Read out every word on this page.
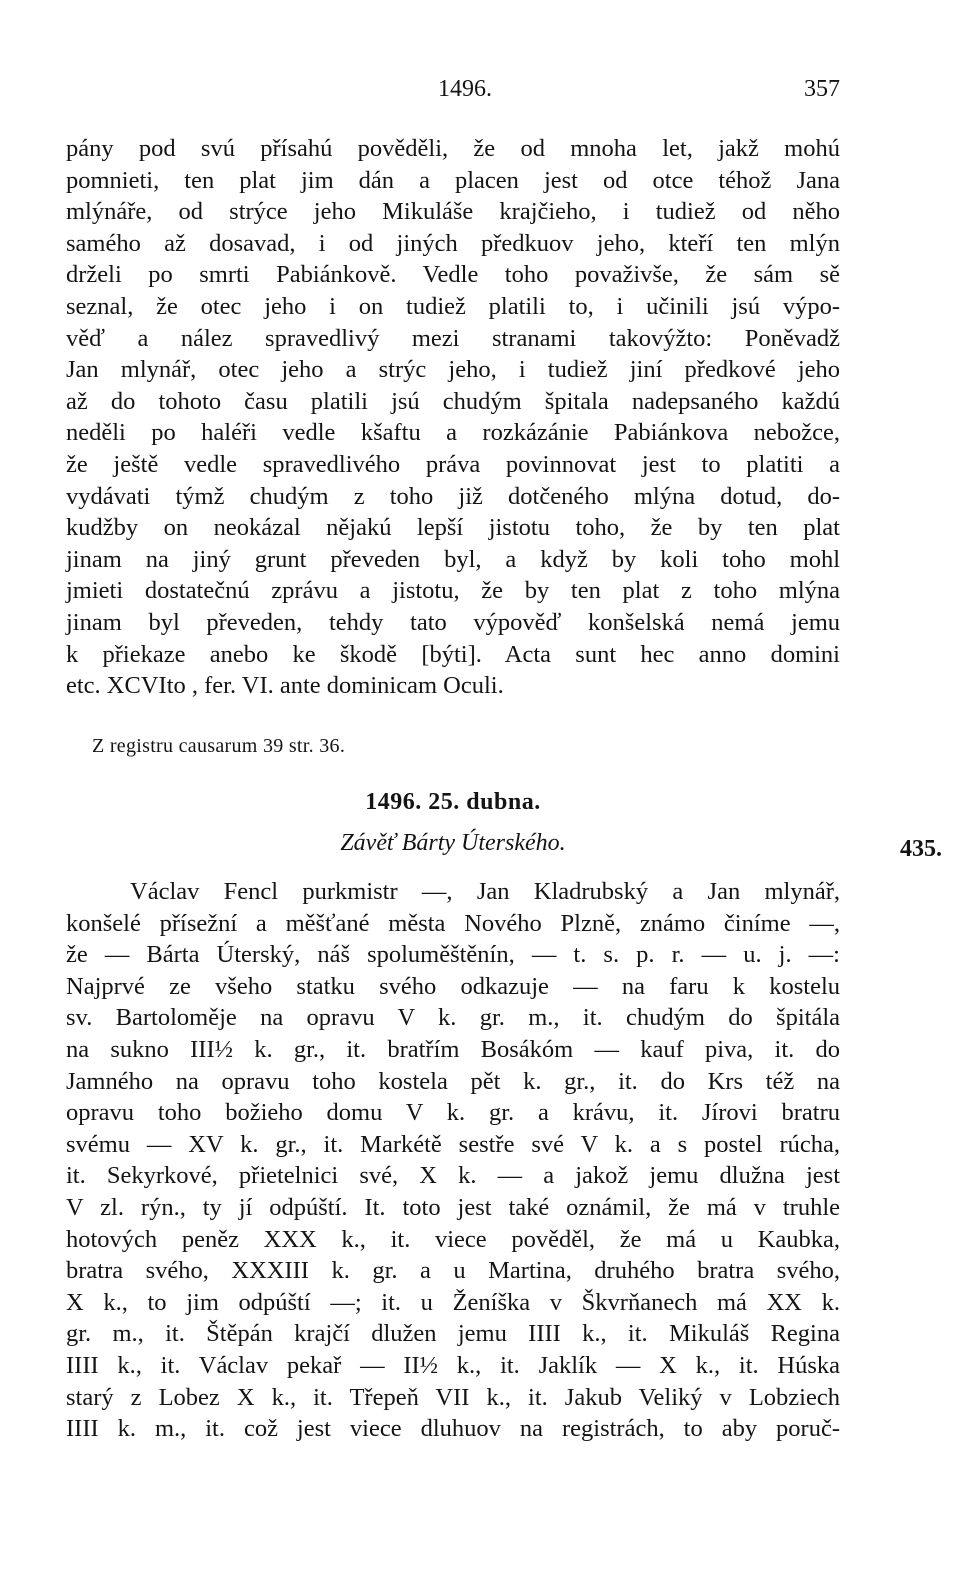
1496.	357
pány pod svú přísahú pověděli, že od mnoha let, jakž mohú
pomnieti, ten plat jim dán a placen jest od otce téhož Jana
mlýnáře, od strýce jeho Mikuláše krajčieho, i tudiež od něho
samého až dosavad, i od jiných předkuov jeho, kteří ten mlýn
drželi po smrti Pabiánkově. Vedle toho považivše, že sám sě
seznal, že otec jeho i on tudiež platili to, i učinili jsú výpo-
věď a nález spravedlivý mezi stranami takovýžto: Poněvadž
Jan mlynář, otec jeho a strýc jeho, i tudiež jiní předkové jeho
až do tohoto času platili jsú chudým špitala nadepsaného každú
neděli po haléři vedle kšaftu a rozkázánie Pabiánkova nebožce,
že ještě vedle spravedlivého práva povinnovat jest to platiti a
vydávati týmž chudým z toho již dotčeného mlýna dotud, do-
kudžby on neokázal nějakú lepší jistotu toho, že by ten plat
jinam na jiný grunt převeden byl, a když by koli toho mohl
jmieti dostatečnú zprávu a jistotu, že by ten plat z toho mlýna
jinam byl převeden, tehdy tato výpověď konšelská nemá jemu
k přiekaze anebo ke škodě [býti]. Acta sunt hec anno domini
etc. XCVIto , fer. VI. ante dominicam Oculi.
Z registru causarum 39 str. 36.
1496. 25. dubna.
Závěť Bárty Úterského.	435.
Václav Fencl purkmistr —, Jan Kladrubský a Jan mlynář,
konšelé přísežní a měšťané města Nového Plzně, známo činíme —,
že — Bárta Úterský, náš spoluměštěnín, — t. s. p. r. — u. j. —:
Najprvé ze všeho statku svého odkazuje — na faru k kostelu
sv. Bartoloměje na opravu V k. gr. m., it. chudým do špitála
na sukno III½ k. gr., it. bratřím Bosákóm — kauf piva, it. do
Jamného na opravu toho kostela pět k. gr., it. do Krs též na
opravu toho božieho domu V k. gr. a krávu, it. Jírovi bratru
svému — XV k. gr., it. Markétě sestře své V k. a s postel rúcha,
it. Sekyrkové, přietelnici své, X k. — a jakož jemu dlužna jest
V zl. rýn., ty jí odpúští. It. toto jest také oznámil, že má v truhle
hotových peněz XXX k., it. viece pověděl, že má u Kaubka,
bratra svého, XXXIII k. gr. a u Martina, druhého bratra svého,
X k., to jim odpúští —; it. u Ženíška v Škvrňanech má XX k.
gr. m., it. Štěpán krajčí dlužen jemu IIII k., it. Mikuláš Regina
IIII k., it. Václav pekař — II½ k., it. Jaklík — X k., it. Húska
starý z Lobez X k., it. Třepeň VII k., it. Jakub Veliký v Lobziech
IIII k. m., it. což jest viece dluhuov na registrách, to aby poruč-
